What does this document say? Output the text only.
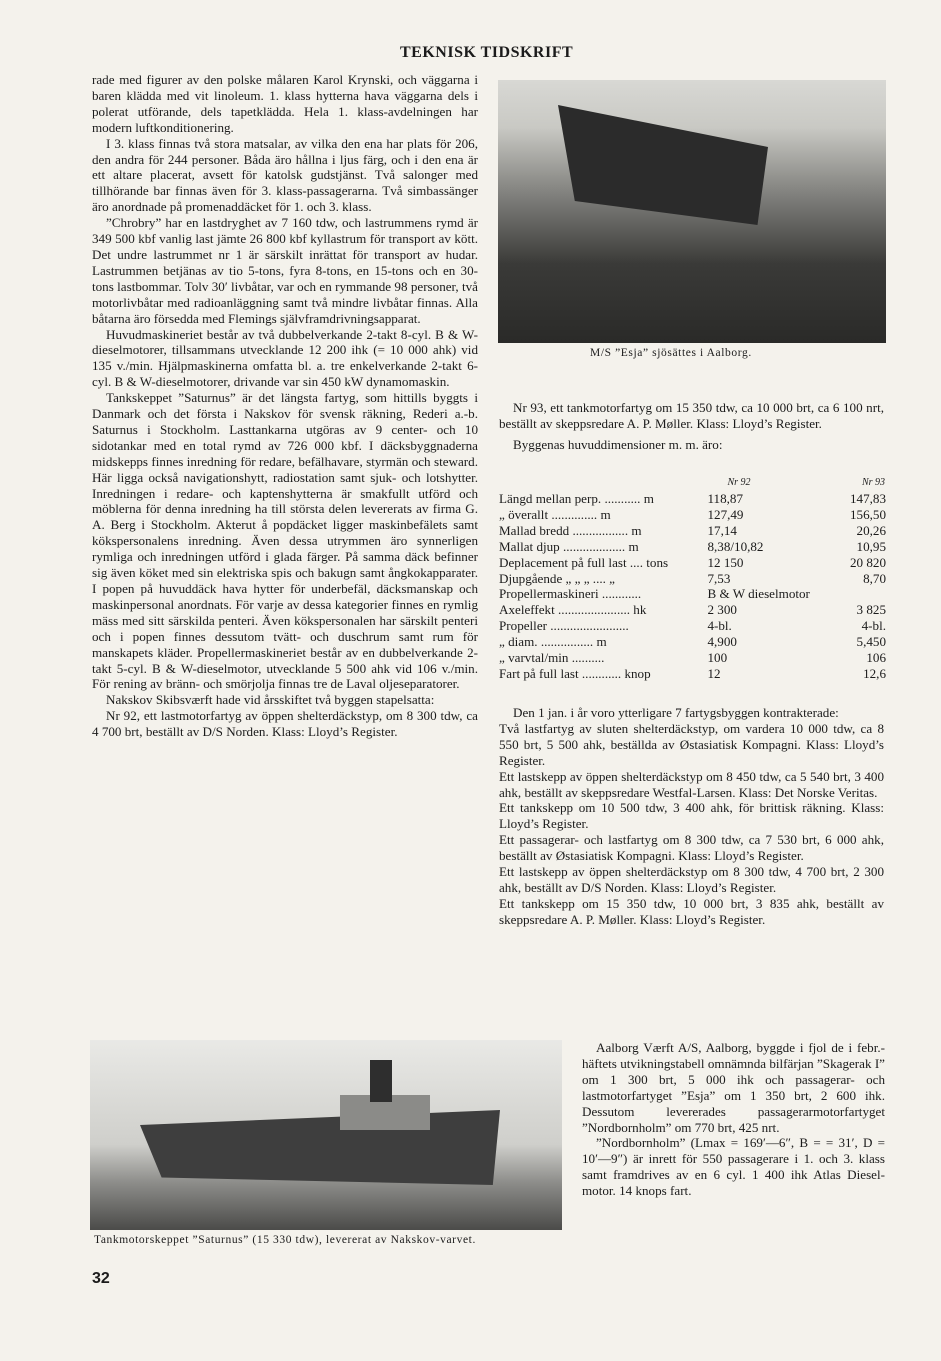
TEKNISK TIDSKRIFT

rade med figurer av den polske målaren Karol Krynski, och väggarna i baren klädda med vit linoleum. 1. klass hytterna hava väggarna dels i polerat utförande, dels tapetklädda. Hela 1. klass-avdelningen har modern luftkonditionering.

I 3. klass finnas två stora matsalar, av vilka den ena har plats för 206, den andra för 244 personer. Båda äro hållna i ljus färg, och i den ena är ett altare placerat, avsett för katolsk gudstjänst. Två salonger med tillhörande bar finnas även för 3. klass-passagerarna. Två simbassänger äro anordnade på promenaddäcket för 1. och 3. klass.

”Chrobry” har en lastdryghet av 7 160 tdw, och lastrummens rymd är 349 500 kbf vanlig last jämte 26 800 kbf kyllastrum för transport av kött. Det undre lastrummet nr 1 är särskilt inrättat för transport av hudar. Lastrummen betjänas av tio 5-tons, fyra 8-tons, en 15-tons och en 30-tons lastbommar. Tolv 30′ livbåtar, var och en rymmande 98 personer, två motorlivbåtar med radioanläggning samt två mindre livbåtar finnas. Alla båtarna äro försedda med Flemings självframdrivningsapparat.

Huvudmaskineriet består av två dubbelverkande 2-takt 8-cyl. B & W-dieselmotorer, tillsammans utvecklande 12 200 ihk (= 10 000 ahk) vid 135 v./min. Hjälpmaskinerna omfatta bl. a. tre enkelverkande 2-takt 6-cyl. B & W-dieselmotorer, drivande var sin 450 kW dynamomaskin.

Tankskeppet ”Saturnus” är det längsta fartyg, som hittills byggts i Danmark och det första i Nakskov för svensk räkning, Rederi a.-b. Saturnus i Stockholm. Lasttankarna utgöras av 9 center- och 10 sidotankar med en total rymd av 726 000 kbf. I däcksbyggnaderna midskepps finnes inredning för redare, befälhavare, styrmän och steward. Här ligga också navigationshytt, radiostation samt sjuk- och lotshytter. Inredningen i redare- och kaptenshytterna är smakfullt utförd och möblerna för denna inredning ha till största delen levererats av firma G. A. Berg i Stockholm. Akterut å popdäcket ligger maskinbefälets samt kökspersonalens inredning. Även dessa utrymmen äro synnerligen rymliga och inredningen utförd i glada färger. På samma däck befinner sig även köket med sin elektriska spis och bakugn samt ångkokapparater. I popen på huvuddäck hava hytter för underbefäl, däcksmanskap och maskinpersonal anordnats. För varje av dessa kategorier finnes en rymlig mäss med sitt särskilda penteri. Även kökspersonalen har särskilt penteri och i popen finnes dessutom tvätt- och duschrum samt rum för manskapets kläder. Propellermaskineriet består av en dubbelverkande 2-takt 5-cyl. B & W-dieselmotor, utvecklande 5 500 ahk vid 106 v./min. För rening av bränn- och smörjolja finnas tre de Laval oljeseparatorer.

Nakskov Skibsværft hade vid årsskiftet två byggen stapelsatta:

Nr 92, ett lastmotorfartyg av öppen shelterdäckstyp, om 8 300 tdw, ca 4 700 brt, beställt av D/S Norden. Klass: Lloyd’s Register.

M/S ”Esja” sjösättes i Aalborg.

Nr 93, ett tankmotorfartyg om 15 350 tdw, ca 10 000 brt, ca 6 100 nrt, beställt av skeppsredare A. P. Møller. Klass: Lloyd’s Register.

Byggenas huvuddimensioner m. m. äro:

	Nr 92	Nr 93
Längd mellan perp. ........... m	118,87	147,83
„ överallt .............. m	127,49	156,50
Mallad bredd ................. m	17,14	20,26
Mallat djup ................... m	8,38/10,82	10,95
Deplacement på full last .... tons	12 150	20 820
Djupgående „ „ „ .... „	7,53	8,70
Propellermaskineri ............	B & W dieselmotor	
Axeleffekt ...................... hk	2 300	3 825
Propeller ........................	4-bl.	4-bl.
„ diam. ................ m	4,900	5,450
„ varvtal/min ..........	100	106
Fart på full last ............ knop	12	12,6

Den 1 jan. i år voro ytterligare 7 fartygsbyggen kontrakterade:

Två lastfartyg av sluten shelterdäckstyp, om vardera 10 000 tdw, ca 8 550 brt, 5 500 ahk, beställda av Østasiatisk Kompagni. Klass: Lloyd’s Register.

Ett lastskepp av öppen shelterdäckstyp om 8 450 tdw, ca 5 540 brt, 3 400 ahk, beställt av skeppsredare Westfal-Larsen. Klass: Det Norske Veritas.

Ett tankskepp om 10 500 tdw, 3 400 ahk, för brittisk räkning. Klass: Lloyd’s Register.

Ett passagerar- och lastfartyg om 8 300 tdw, ca 7 530 brt, 6 000 ahk, beställt av Østasiatisk Kompagni. Klass: Lloyd’s Register.

Ett lastskepp av öppen shelterdäckstyp om 8 300 tdw, 4 700 brt, 2 300 ahk, beställt av D/S Norden. Klass: Lloyd’s Register.

Ett tankskepp om 15 350 tdw, 10 000 brt, 3 835 ahk, beställt av skeppsredare A. P. Møller. Klass: Lloyd’s Register.

Tankmotorskeppet ”Saturnus” (15 330 tdw), levererat av Nakskov-varvet.

Aalborg Værft A/S, Aalborg, byggde i fjol de i febr.-häftets utvikningstabell omnämnda bilfärjan ”Skagerak I” om 1 300 brt, 5 000 ihk och passagerar- och lastmotorfartyget ”Esja” om 1 350 brt, 2 600 ihk. Dessutom levererades passagerarmotorfartyget ”Nordbornholm” om 770 brt, 425 nrt.

”Nordbornholm” (Lmax = 169′—6″, B = = 31′, D = 10′—9″) är inrett för 550 passagerare i 1. och 3. klass samt framdrives av en 6 cyl. 1 400 ihk Atlas Diesel-motor. 14 knops fart.

32
